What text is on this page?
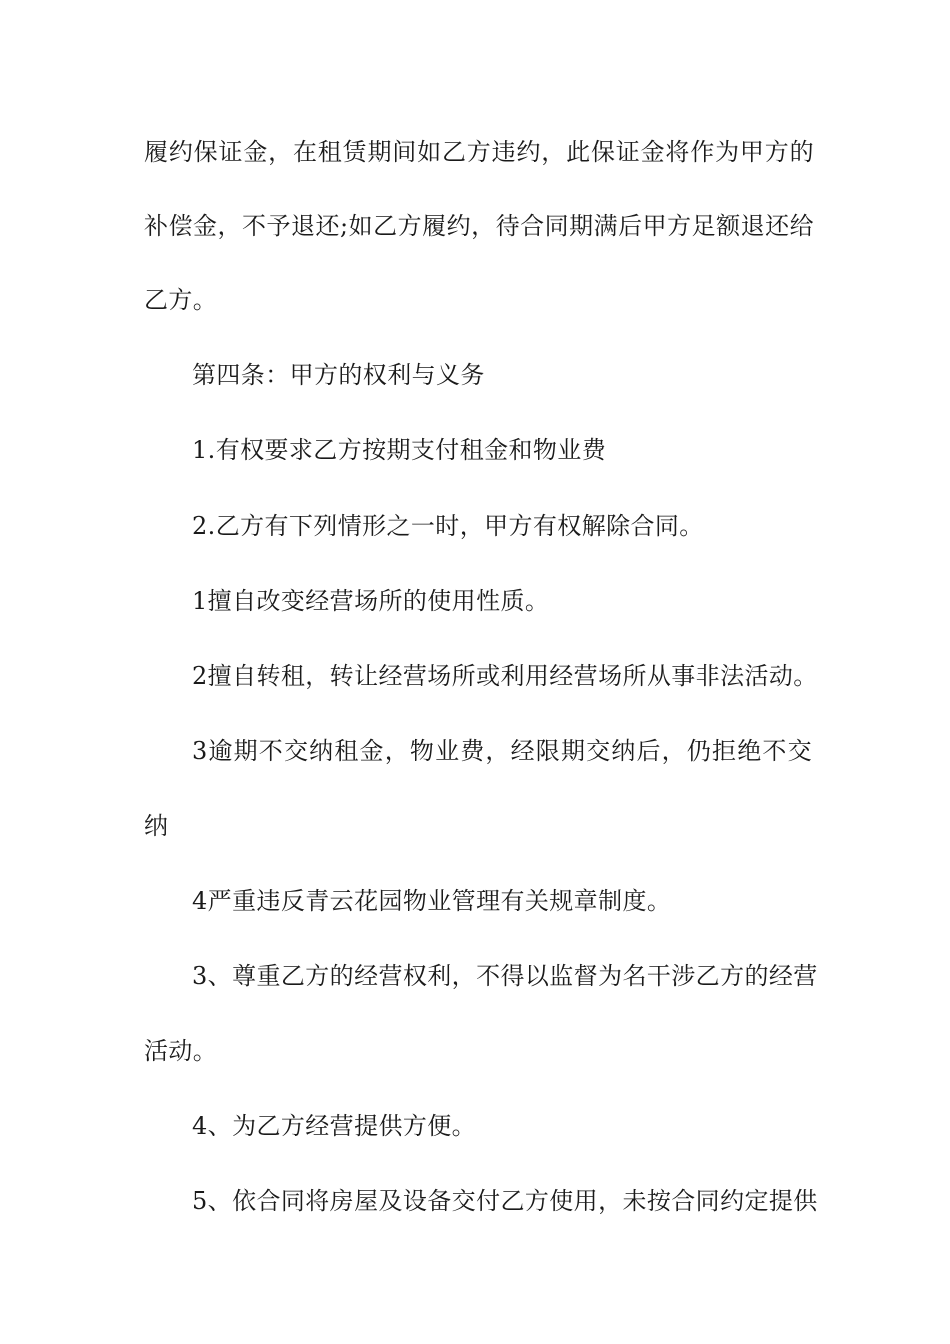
履约保证金，在租赁期间如乙方违约，此保证金将作为甲方的
补偿金，不予退还;如乙方履约，待合同期满后甲方足额退还给
乙方。
第四条：甲方的权利与义务
1.有权要求乙方按期支付租金和物业费
2.乙方有下列情形之一时，甲方有权解除合同。
1擅自改变经营场所的使用性质。
2擅自转租，转让经营场所或利用经营场所从事非法活动。
3逾期不交纳租金，物业费，经限期交纳后，仍拒绝不交
纳
4严重违反青云花园物业管理有关规章制度。
3、尊重乙方的经营权利，不得以监督为名干涉乙方的经营
活动。
4、为乙方经营提供方便。
5、依合同将房屋及设备交付乙方使用，未按合同约定提供
